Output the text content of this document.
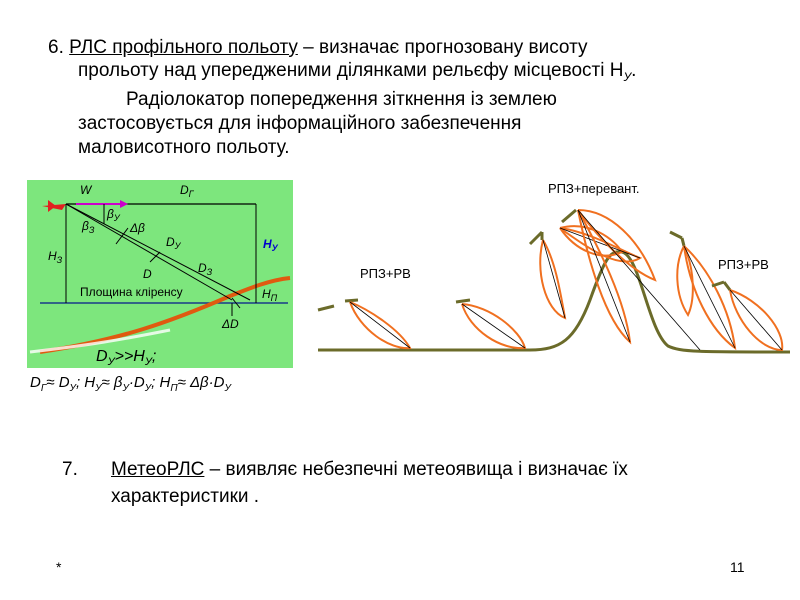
6. РЛС профільного польоту – визначає прогнозовану висоту
прольоту над упередженими ділянками рельєфу місцевості $Н_У$.
Радіолокатор попередження зіткнення із землею
застосовується для інформаційного забезпечення
маловисотного польоту.
W	$D_Г$
$\beta_У$
$\beta_З$	Δβ
$D_У$
$Н_З$
$Н_У$
D	$D_З$
Площина кліренсу	$Н_П$
ΔD
$D_У>>H_У$;
$D_Г\approx D_У$; $Н_У\approx \beta_У\cdot D_У$; $Н_П\approx \Delta\beta\cdot D_У$
РПЗ+перевант.
РПЗ+РВ
РПЗ+РВ
7. МетеоРЛС – виявляє небезпечні метеоявища і визначає їх
характеристики .
*	11
